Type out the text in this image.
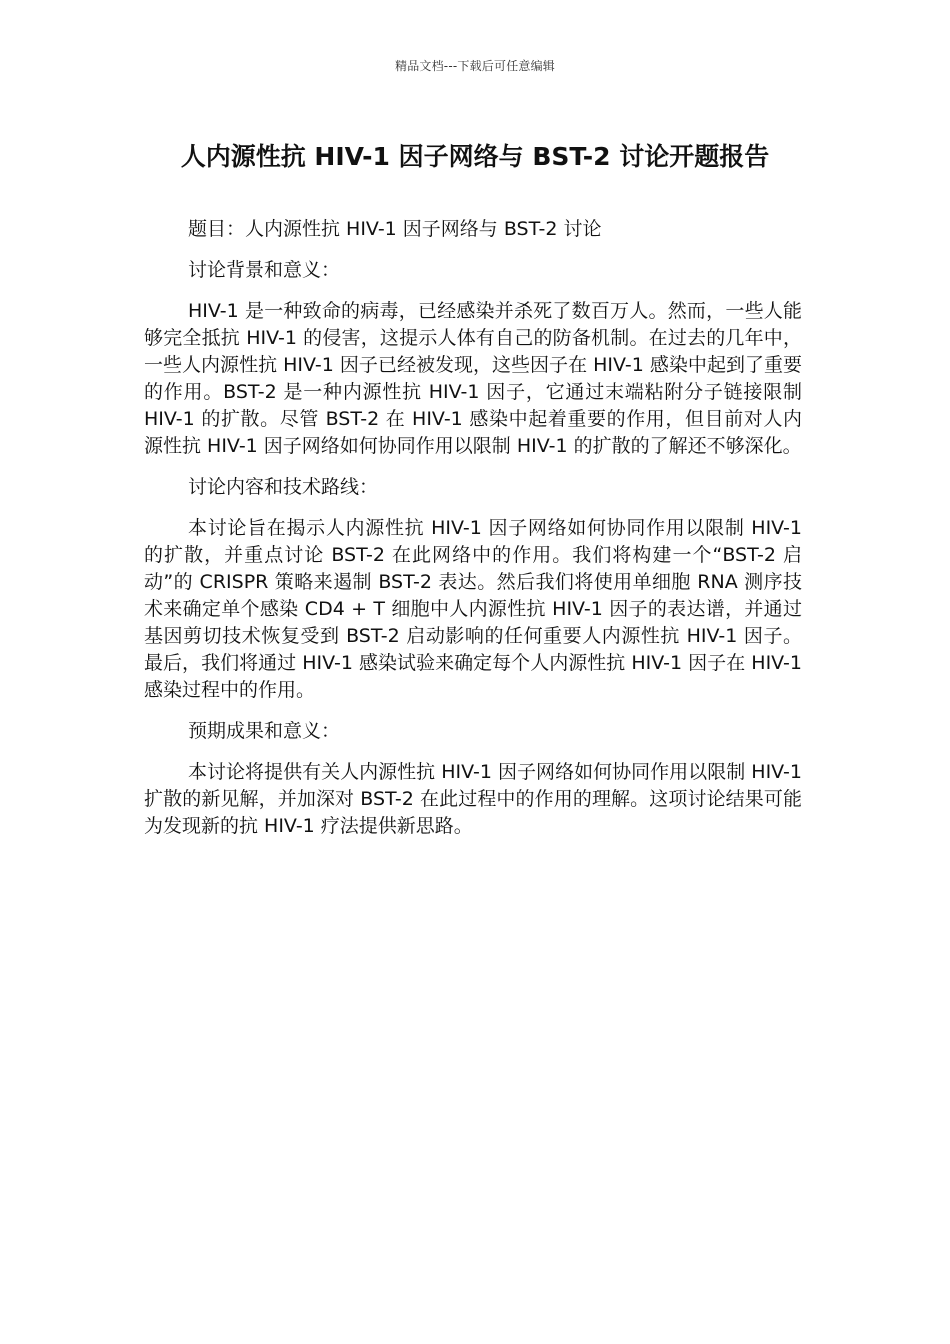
精品文档---下载后可任意编辑
人内源性抗 HIV-1 因子网络与 BST-2 讨论开题报告

题目：人内源性抗 HIV-1 因子网络与 BST-2 讨论

讨论背景和意义：

HIV-1 是一种致命的病毒，已经感染并杀死了数百万人。然而，一些人能够完全抵抗 HIV-1 的侵害，这提示人体有自己的防备机制。在过去的几年中，一些人内源性抗 HIV-1 因子已经被发现，这些因子在 HIV-1 感染中起到了重要的作用。BST-2 是一种内源性抗 HIV-1 因子，它通过末端粘附分子链接限制 HIV-1 的扩散。尽管 BST-2 在 HIV-1 感染中起着重要的作用，但目前对人内源性抗 HIV-1 因子网络如何协同作用以限制 HIV-1 的扩散的了解还不够深化。

讨论内容和技术路线：

本讨论旨在揭示人内源性抗 HIV-1 因子网络如何协同作用以限制 HIV-1 的扩散，并重点讨论 BST-2 在此网络中的作用。我们将构建一个“BST-2 启动”的 CRISPR 策略来遏制 BST-2 表达。然后我们将使用单细胞 RNA 测序技术来确定单个感染 CD4 + T 细胞中人内源性抗 HIV-1 因子的表达谱，并通过基因剪切技术恢复受到 BST-2 启动影响的任何重要人内源性抗 HIV-1 因子。最后，我们将通过 HIV-1 感染试验来确定每个人内源性抗 HIV-1 因子在 HIV-1 感染过程中的作用。

预期成果和意义：

本讨论将提供有关人内源性抗 HIV-1 因子网络如何协同作用以限制 HIV-1 扩散的新见解，并加深对 BST-2 在此过程中的作用的理解。这项讨论结果可能为发现新的抗 HIV-1 疗法提供新思路。
